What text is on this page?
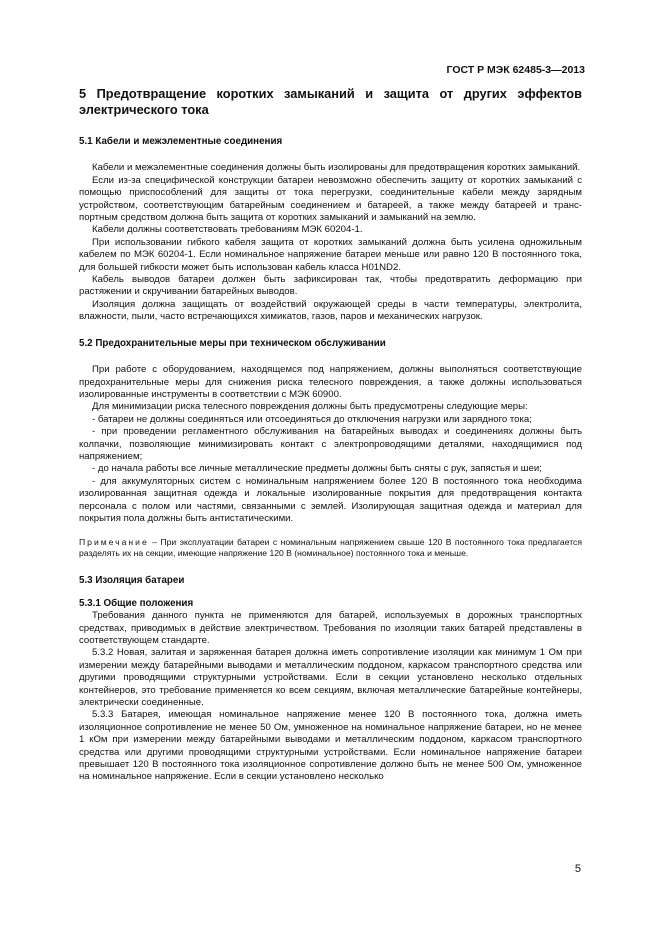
ГОСТ Р МЭК 62485-3—2013
5 Предотвращение коротких замыканий и защита от других эффектов электрического тока
5.1 Кабели и межэлементные соединения

Кабели и межэлементные соединения должны быть изолированы для предотвращения коротких замыканий.

Если из-за специфической конструкции батареи невозможно обеспечить защиту от коротких замыканий с помощью приспособлений для защиты от тока перегрузки, соединительные кабели между зарядным устройством, соответствующим батарейным соединением и батареей, а также между батареей и транс-портным средством должна быть защита от коротких замыканий и замыканий на землю.

Кабели должны соответствовать требованиям МЭК 60204-1.

При использовании гибкого кабеля защита от коротких замыканий должна быть усилена одножильным кабелем по МЭК 60204-1. Если номинальное напряжение батареи меньше или равно 120 В постоянного тока, для большей гибкости может быть использован кабель класса H01ND2.

Кабель выводов батареи должен быть зафиксирован так, чтобы предотвратить деформацию при растяжении и скручивании батарейных выводов.

Изоляция должна защищать от воздействий окружающей среды в части температуры, электролита, влажности, пыли, часто встречающихся химикатов, газов, паров и механических нагрузок.

5.2 Предохранительные меры при техническом обслуживании

При работе с оборудованием, находящемся под напряжением, должны выполняться соответствующие предохранительные меры для снижения риска телесного повреждения, а также должны использоваться изолированные инструменты в соответствии с МЭК 60900.

Для минимизации риска телесного повреждения должны быть предусмотрены следующие меры:

- батареи не должны соединяться или отсоединяться до отключения нагрузки или зарядного тока;

- при проведении регламентного обслуживания на батарейных выводах и соединениях должны быть колпачки, позволяющие минимизировать контакт с электропроводящими деталями, находящимися под напряжением;

- до начала работы все личные металлические предметы должны быть сняты с рук, запястья и шеи;

- для аккумуляторных систем с номинальным напряжением более 120 В постоянного тока необходима изолированная защитная одежда и локальные изолированные покрытия для предотвращения контакта персонала с полом или частями, связанными с землей. Изолирующая защитная одежда и материал для покрытия пола должны быть антистатическими.

Примечание – При эксплуатации батареи с номинальным напряжением свыше 120 В постоянного тока предлагается разделять их на секции, имеющие напряжение 120 В (номинальное) постоянного тока и меньше.
5.3 Изоляция батареи
5.3.1 Общие положения

Требования данного пункта не применяются для батарей, используемых в дорожных транспортных средствах, приводимых в действие электричеством. Требования по изоляции таких батарей представлены в соответствующем стандарте.

5.3.2 Новая, залитая и заряженная батарея должна иметь сопротивление изоляции как минимум 1 Ом при измерении между батарейными выводами и металлическим поддоном, каркасом транспортного средства или другими проводящими структурными устройствами. Если в секции установлено несколько отдельных контейнеров, это требование применяется ко всем секциям, включая металлические батарейные контейнеры, электрически соединенные.

5.3.3 Батарея, имеющая номинальное напряжение менее 120 В постоянного тока, должна иметь изоляционное сопротивление не менее 50 Ом, умноженное на номинальное напряжение батареи, но не менее 1 кОм при измерении между батарейными выводами и металлическим поддоном, каркасом транспортного средства или другими проводящими структурными устройствами. Если номинальное напряжение батареи превышает 120 В постоянного тока изоляционное сопротивление должно быть не менее 500 Ом, умноженное на номинальное напряжение. Если в секции установлено несколько

5
